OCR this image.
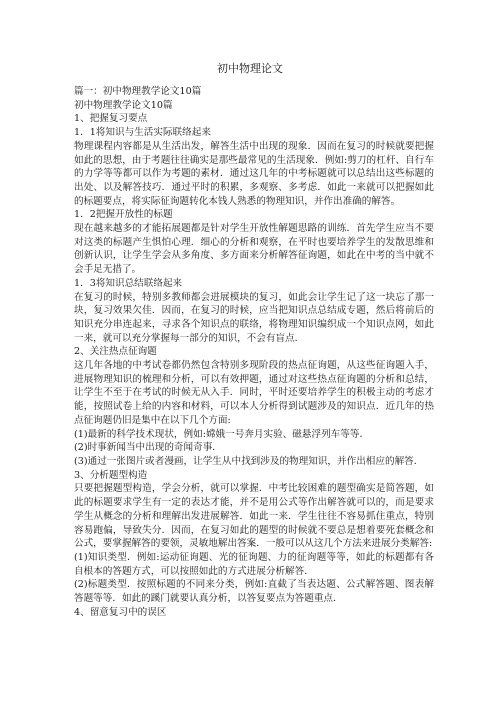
初中物理论文

篇一：初中物理教学论文10篇

初中物理教学论文10篇

1、把握复习要点

1．1将知识与生活实际联络起来

物理课程内容都是从生活出发，解答生活中出现的现象．因而在复习的时候就要把握如此的思想，由于考题往往确实是那些最常见的生活现象．例如:剪刀的杠杆、自行车的力学等等都可以作为考题的素材．通过这几年的中考标题就可以总结出这些标题的出处、以及解答技巧．通过平时的积累，多观察、多考虑．如此一来就可以把握如此的标题要点，将实际征询题转化本钱人熟悉的物理知识，并作出准确的解答。

1．2把握开放性的标题

现在越来越多的才能拓展题都是针对学生开放性解题思路的训练．首先学生应当不要对这类的标题产生惧怕心理．细心的分析和观察，在平时也要培养学生的发散思维和创新认识，让学生学会从多角度、多方面来分析解答征询题，如此在中考的当中就不会手足无措了。

1．3将知识总结联络起来

在复习的时候，特别多教师都会进展模块的复习，如此会让学生记了这一块忘了那一块，复习效果欠佳．因而，在复习的时候，应当把知识点总结成专题，然后将前后的知识充分串连起来，寻求各个知识点的联络，将物理知识编织成一个知识点网，如此一来，就可以充分掌握每一部分的知识，不会有盲点．

2、关注热点征询题

这几年各地的中考试卷都仍然包含特别多现阶段的热点征询题，从这些征询题入手，进展物理知识的梳理和分析，可以有效押题，通过对这些热点征询题的分析和总结，让学生不至于在考试的时候无从入手．同时，平时还要培养学生的积极主动的考虑才能，按照试卷上给的内容和材料，可以本人分析得到试题涉及的知识点．近几年的热点征询题仍旧是集中在以下几个方面:

(1)最新的科学技术现状，例如:嫦娥一号奔月实验、磁悬浮列车等等．

(2)时事新闻当中出现的奇闻奇事．

(3)通过一张图片或者漫画，让学生从中找到涉及的物理知识，并作出相应的解答．

3、分析题型构造

只要把握题型构造，学会分析，就可以掌握．中考比较困难的题型确实是简答题，如此的标题要求学生有一定的表达才能，并不是用公式等作出解答就可以的，而是要求学生从概念的分析和理解出发进展解答．如此一来．学生往往不容易抓住重点，特别容易跑偏，导致失分．因而，在复习如此的题型的时候就不要总是想着要死套概念和公式，要掌握解答的要领，灵敏地解出答案．一般可以从这几个方法来进展分类解答:

(1)知识类型．例如:运动征询题、光的征询题、力的征询题等等，如此的标题都有各自根本的答题方式，可以按照如此的方式进展分析解答．

(2)标题类型．按照标题的不同来分类，例如:直截了当表达题、公式解答题、图表解答题等等．如此的蹊门就要认真分析，以答复要点为答题重点．

4、留意复习中的误区
